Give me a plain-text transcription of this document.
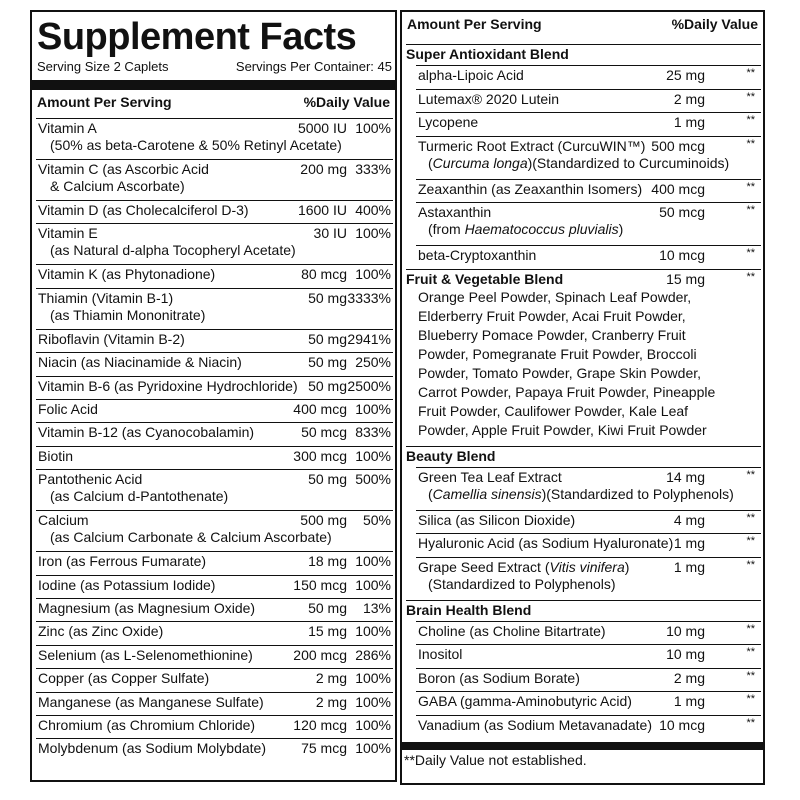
Supplement Facts
Serving Size 2 Caplets	Servings Per Container: 45
Amount Per Serving	%Daily Value
Vitamin A
(50% as beta-Carotene & 50% Retinyl Acetate)
5000 IU 100%
Vitamin C (as Ascorbic Acid
& Calcium Ascorbate)
200 mg 333%
Vitamin D (as Cholecalciferol D-3)	1600 IU 400%
Vitamin E
(as Natural d-alpha Tocopheryl Acetate)
30 IU 100%
Vitamin K (as Phytonadione)	80 mcg 100%
Thiamin (Vitamin B-1)
(as Thiamin Mononitrate)
50 mg 3333%
Riboflavin (Vitamin B-2)	50 mg 2941%
Niacin (as Niacinamide & Niacin)	50 mg 250%
Vitamin B-6 (as Pyridoxine Hydrochloride) 50 mg 2500%
Folic Acid	400 mcg 100%
Vitamin B-12 (as Cyanocobalamin)	50 mcg 833%
Biotin	300 mcg 100%
Pantothenic Acid
(as Calcium d-Pantothenate)
50 mg 500%
Calcium
(as Calcium Carbonate & Calcium Ascorbate)
500 mg 50%
Iron (as Ferrous Fumarate)	18 mg 100%
Iodine (as Potassium Iodide)	150 mcg 100%
Magnesium (as Magnesium Oxide)	50 mg 13%
Zinc (as Zinc Oxide)	15 mg 100%
Selenium (as L-Selenomethionine)	200 mcg 286%
Copper (as Copper Sulfate)	2 mg 100%
Manganese (as Manganese Sulfate)	2 mg 100%
Chromium (as Chromium Chloride)	120 mcg 100%
Molybdenum (as Sodium Molybdate)	75 mcg 100%
Amount Per Serving	%Daily Value
Super Antioxidant Blend
alpha-Lipoic Acid	25 mg	**
Lutemax® 2020 Lutein	2 mg	**
Lycopene	1 mg	**
Turmeric Root Extract (CurcuWIN™)
(Curcuma longa)(Standardized to Curcuminoids)
500 mcg	**
Zeaxanthin (as Zeaxanthin Isomers) 400 mcg	**
Astaxanthin
(from Haematococcus pluvialis)
50 mcg	**
beta-Cryptoxanthin	10 mcg	**
Fruit & Vegetable Blend	15 mg	**
Orange Peel Powder, Spinach Leaf Powder,
Elderberry Fruit Powder, Acai Fruit Powder,
Blueberry Pomace Powder, Cranberry Fruit
Powder, Pomegranate Fruit Powder, Broccoli
Powder, Tomato Powder, Grape Skin Powder,
Carrot Powder, Papaya Fruit Powder, Pineapple
Fruit Powder, Caulifower Powder, Kale Leaf
Powder, Apple Fruit Powder, Kiwi Fruit Powder
Beauty Blend
Green Tea Leaf Extract
(Camellia sinensis)(Standardized to Polyphenols)
14 mg	**
Silica (as Silicon Dioxide)	4 mg	**
Hyaluronic Acid (as Sodium Hyaluronate) 1 mg	**
Grape Seed Extract (Vitis vinifera)
(Standardized to Polyphenols)
1 mg	**
Brain Health Blend
Choline (as Choline Bitartrate)	10 mg	**
Inositol	10 mg	**
Boron (as Sodium Borate)	2 mg	**
GABA (gamma-Aminobutyric Acid)	1 mg	**
Vanadium (as Sodium Metavanadate) 10 mcg	**
**Daily Value not established.
